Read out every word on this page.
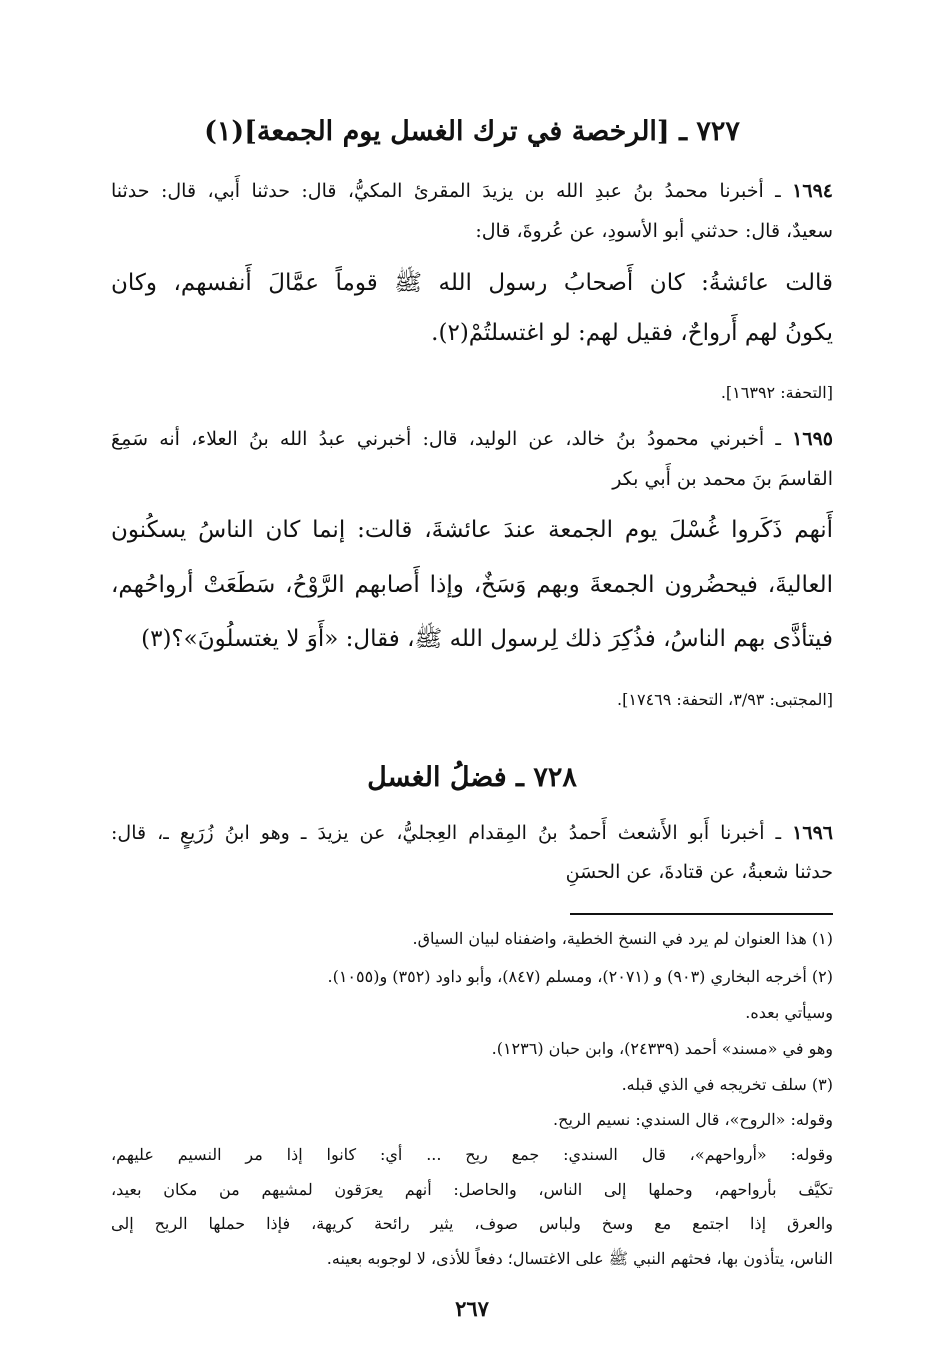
٧٢٧ ـ [الرخصة في ترك الغسل يوم الجمعة](١)
١٦٩٤ ـ أخبرنا محمدُ بنُ عبدِ الله بن يزيدَ المقرئ المكيُّ، قال: حدثنا أَبي، قال: حدثنا
سعيدٌ، قال: حدثني أبو الأسودِ، عن عُروةَ، قال:
قالت عائشةُ: كان أَصحابُ رسول الله ﷺ قوماً عمَّالَ أَنفسهم، وكان
يكونُ لهم أَرواحٌ، فقيل لهم: لو اغتسلتُمْ(٢).
[التحفة: ١٦٣٩٢].
١٦٩٥ ـ أخبرني محمودُ بنُ خالد، عن الوليد، قال: أخبرني عبدُ الله بنُ العلاء، أنه سَمِعَ
القاسمَ بنَ محمد بن أَبي بكر
أَنهم ذَكَروا غُسْلَ يوم الجمعة عندَ عائشةَ، قالت: إنما كان الناسُ يسكُنون
العاليةَ، فيحضُرون الجمعةَ وبهم وَسَخٌ، وإذا أَصابهم الرَّوْحُ، سَطَعَتْ أرواحُهم،
فيتأذَّى بهم الناسُ، فذُكِرَ ذلك لِرسول الله ﷺ، فقال: «أَوَ لا يغتسلُونَ»؟(٣)
[المجتبى: ٣/٩٣، التحفة: ١٧٤٦٩].
٧٢٨ ـ فضلُ الغسل
١٦٩٦ ـ أخبرنا أَبو الأَشعث أَحمدُ بنُ المِقدام العِجليُّ، عن يزيدَ ـ وهو ابنُ زُرَيعٍ ـ، قال:
حدثنا شعبةُ، عن قتادةَ، عن الحسَنِ
(١) هذا العنوان لم يرد في النسخ الخطية، واضفناه لبيان السياق.
(٢) أخرجه البخاري (٩٠٣) و (٢٠٧١)، ومسلم (٨٤٧)، وأبو داود (٣٥٢) و(١٠٥٥).
وسيأتي بعده.
وهو في «مسند» أحمد (٢٤٣٣٩)، وابن حبان (١٢٣٦).
(٣) سلف تخريجه في الذي قبله.
وقوله: «الروح»، قال السندي: نسيم الريح.
وقوله: «أرواحهم»، قال السندي: جمع ريح ... أي: كانوا إذا مر النسيم عليهم،
تكيَّف بأرواحهم، وحملها إلى الناس، والحاصل: أنهم يعرَقون لمشيهم من مكان بعيد،
والعرق إذا اجتمع مع وسخ ولباس صوف، يثير رائحة كريهة، فإذا حملها الريح إلى
الناس، يتأذون بها، فحثهم النبي ﷺ على الاغتسال؛ دفعاً للأذى، لا لوجوبه بعينه.
٢٦٧
